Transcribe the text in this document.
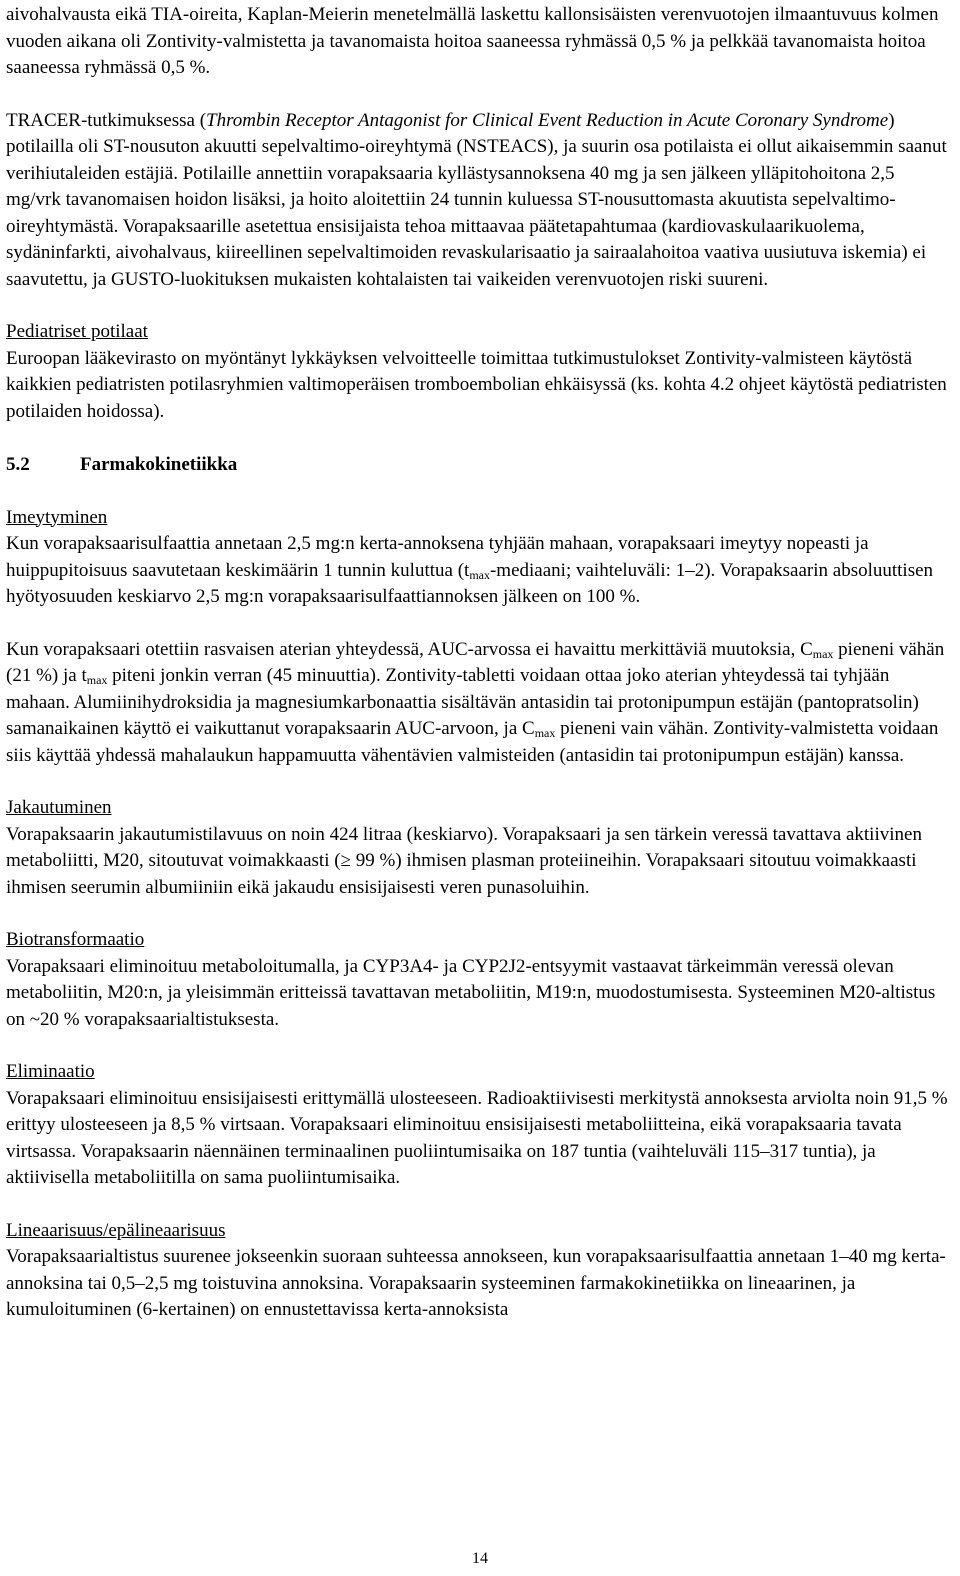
aivohalvausta eikä TIA-oireita, Kaplan-Meierin menetelmällä laskettu kallonsisäisten verenvuotojen ilmaantuvuus kolmen vuoden aikana oli Zontivity-valmistetta ja tavanomaista hoitoa saaneessa ryhmässä 0,5 % ja pelkkää tavanomaista hoitoa saaneessa ryhmässä 0,5 %.

TRACER-tutkimuksessa (Thrombin Receptor Antagonist for Clinical Event Reduction in Acute Coronary Syndrome) potilailla oli ST-nousuton akuutti sepelvaltimo-oireyhtymä (NSTEACS), ja suurin osa potilaista ei ollut aikaisemmin saanut verihiutaleiden estäjiä. Potilaille annettiin vorapaksaaria kyllästysannoksena 40 mg ja sen jälkeen ylläpitohoitona 2,5 mg/vrk tavanomaisen hoidon lisäksi, ja hoito aloitettiin 24 tunnin kuluessa ST-nousuttomasta akuutista sepelvaltimo-oireyhtymästä. Vorapaksaarille asetettua ensisijaista tehoa mittaavaa päätetapahtumaa (kardiovaskulaarikuolema, sydäninfarkti, aivohalvaus, kiireellinen sepelvaltimoiden revaskularisaatio ja sairaalahoitoa vaativa uusiutuva iskemia) ei saavutettu, ja GUSTO-luokituksen mukaisten kohtalaisten tai vaikeiden verenvuotojen riski suureni.

Pediatriset potilaat

Euroopan lääkevirasto on myöntänyt lykkäyksen velvoitteelle toimittaa tutkimustulokset Zontivity-valmisteen käytöstä kaikkien pediatristen potilasryhmien valtimoperäisen tromboembolian ehkäisyssä (ks. kohta 4.2 ohjeet käytöstä pediatristen potilaiden hoidossa).

5.2	Farmakokinetiikka

Imeytyminen

Kun vorapaksaarisulfaattia annetaan 2,5 mg:n kerta-annoksena tyhjään mahaan, vorapaksaari imeytyy nopeasti ja huippupitoisuus saavutetaan keskimäärin 1 tunnin kuluttua ($t_{max}$-mediaani; vaihteluväli: 1–2). Vorapaksaarin absoluuttisen hyötyosuuden keskiarvo 2,5 mg:n vorapaksaarisulfaattiannoksen jälkeen on 100 %.

Kun vorapaksaari otettiin rasvaisen aterian yhteydessä, AUC-arvossa ei havaittu merkittäviä muutoksia, $C_{max}$ pieneni vähän (21 %) ja $t_{max}$ piteni jonkin verran (45 minuuttia). Zontivity-tabletti voidaan ottaa joko aterian yhteydessä tai tyhjään mahaan. Alumiinihydroksidia ja magnesiumkarbonaattia sisältävän antasidin tai protonipumpun estäjän (pantopratsolin) samanaikainen käyttö ei vaikuttanut vorapaksaarin AUC-arvoon, ja $C_{max}$ pieneni vain vähän. Zontivity-valmistetta voidaan siis käyttää yhdessä mahalaukun happamuutta vähentävien valmisteiden (antasidin tai protonipumpun estäjän) kanssa.

Jakautuminen

Vorapaksaarin jakautumistilavuus on noin 424 litraa (keskiarvo). Vorapaksaari ja sen tärkein veressä tavattava aktiivinen metaboliitti, M20, sitoutuvat voimakkaasti (≥ 99 %) ihmisen plasman proteiineihin. Vorapaksaari sitoutuu voimakkaasti ihmisen seerumin albumiiniin eikä jakaudu ensisijaisesti veren punasoluihin.

Biotransformaatio

Vorapaksaari eliminoituu metaboloitumalla, ja CYP3A4- ja CYP2J2-entsyymit vastaavat tärkeimmän veressä olevan metaboliitin, M20:n, ja yleisimmän eritteissä tavattavan metaboliitin, M19:n, muodostumisesta. Systeeminen M20-altistus on ~20 % vorapaksaarialtistuksesta.

Eliminaatio

Vorapaksaari eliminoituu ensisijaisesti erittymällä ulosteeseen. Radioaktiivisesti merkitystä annoksesta arviolta noin 91,5 % erittyy ulosteeseen ja 8,5 % virtsaan. Vorapaksaari eliminoituu ensisijaisesti metaboliitteina, eikä vorapaksaaria tavata virtsassa. Vorapaksaarin näennäinen terminaalinen puoliintumisaika on 187 tuntia (vaihteluväli 115–317 tuntia), ja aktiivisella metaboliitilla on sama puoliintumisaika.

Lineaarisuus/epälineaarisuus

Vorapaksaarialtistus suurenee jokseenkin suoraan suhteessa annokseen, kun vorapaksaarisulfaattia annetaan 1–40 mg kerta-annoksina tai 0,5–2,5 mg toistuvina annoksina. Vorapaksaarin systeeminen farmakokinetiikka on lineaarinen, ja kumuloituminen (6-kertainen) on ennustettavissa kerta-annoksista

14
